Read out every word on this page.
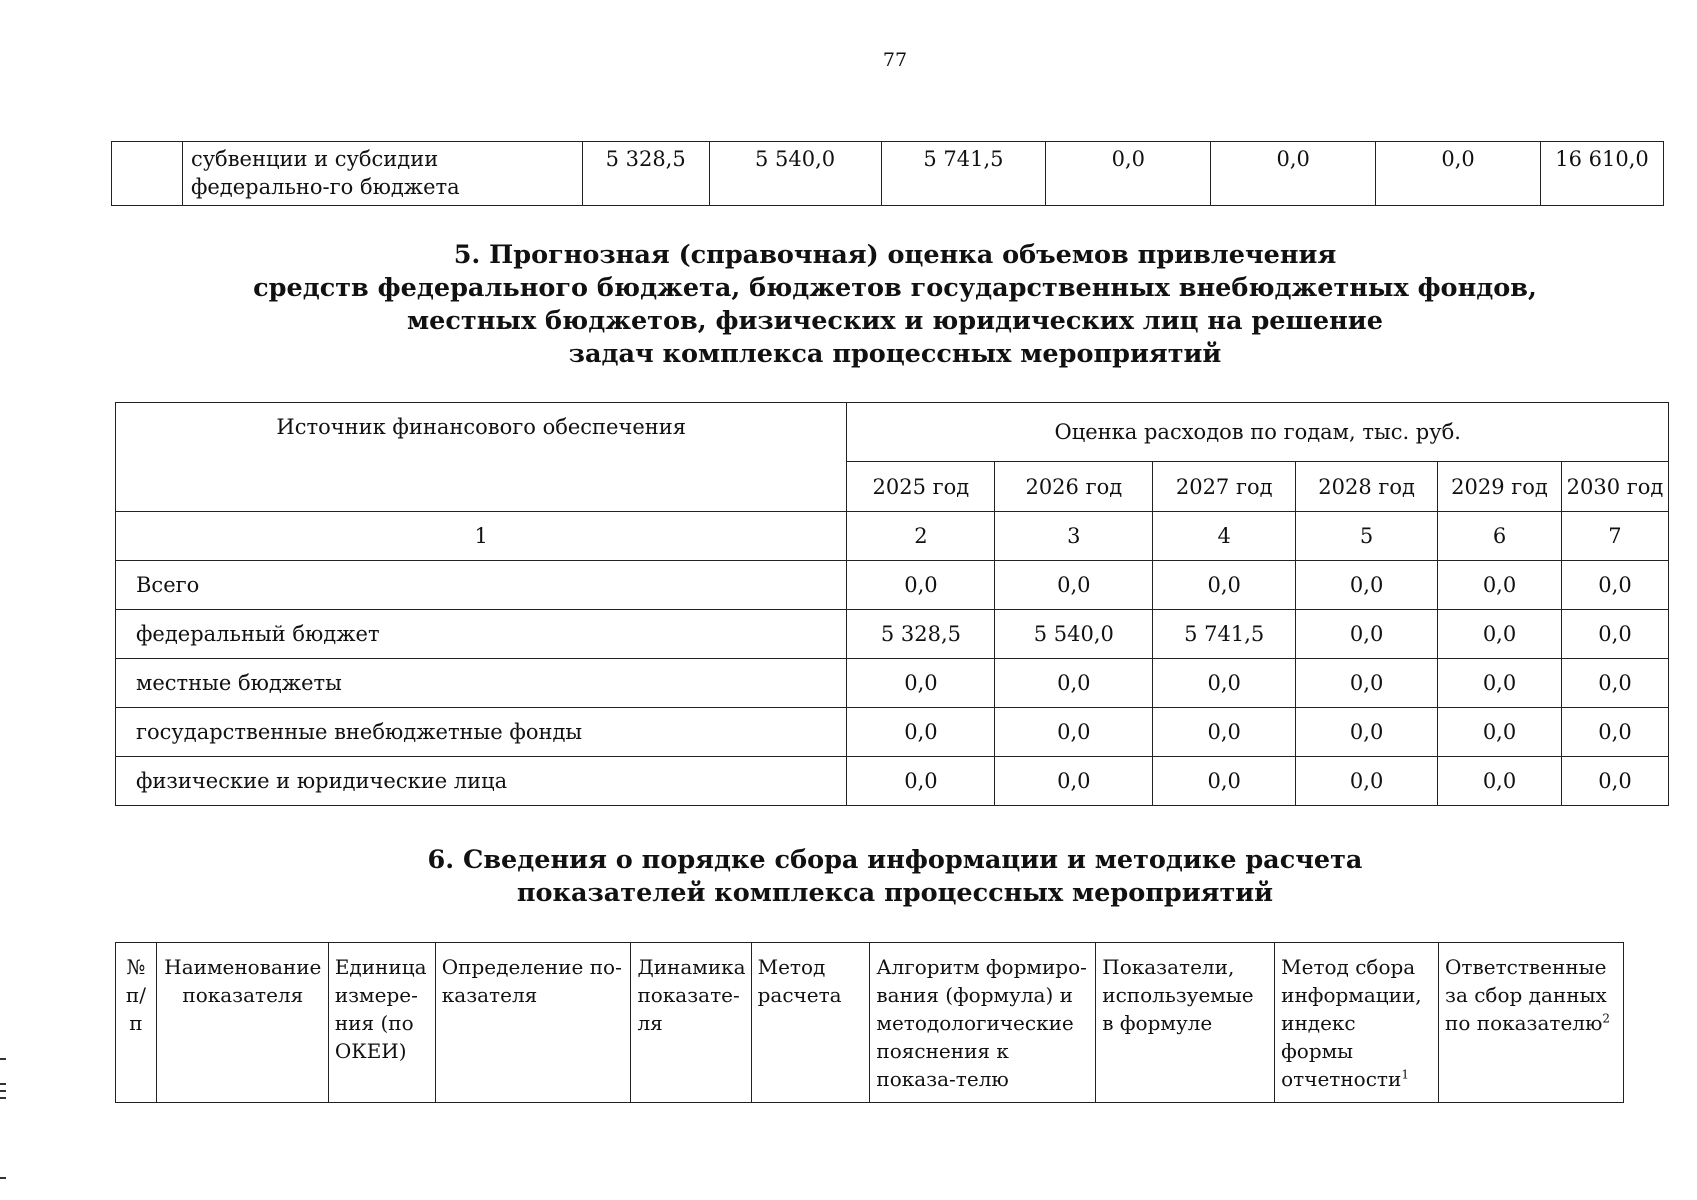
77
	субвенции и субсидии федерально-го бюджета	5 328,5	5 540,0	5 741,5	0,0	0,0	0,0	16 610,0
5. Прогнозная (справочная) оценка объемов привлечения
средств федерального бюджета, бюджетов государственных внебюджетных фондов,
местных бюджетов, физических и юридических лиц на решение
задач комплекса процессных мероприятий
Источник финансового обеспечения	Оценка расходов по годам, тыс. руб.					
	2025 год	2026 год	2027 год	2028 год	2029 год	2030 год
1	2	3	4	5	6	7
Всего	0,0	0,0	0,0	0,0	0,0	0,0
федеральный бюджет	5 328,5	5 540,0	5 741,5	0,0	0,0	0,0
местные бюджеты	0,0	0,0	0,0	0,0	0,0	0,0
государственные внебюджетные фонды	0,0	0,0	0,0	0,0	0,0	0,0
физические и юридические лица	0,0	0,0	0,0	0,0	0,0	0,0
6. Сведения о порядке сбора информации и методике расчета
показателей комплекса процессных мероприятий
№ п/ п	Наименование показателя	Единица измере-ния (по ОКЕИ)	Определение по-казателя	Динамика показате-ля	Метод расчета	Алгоритм формиро-вания (формула) и методологические пояснения к показа-телю	Показатели, используемые в формуле	Метод сбора информации, индекс формы отчетности$^1$	Ответственные за сбор данных по показателю$^2$
